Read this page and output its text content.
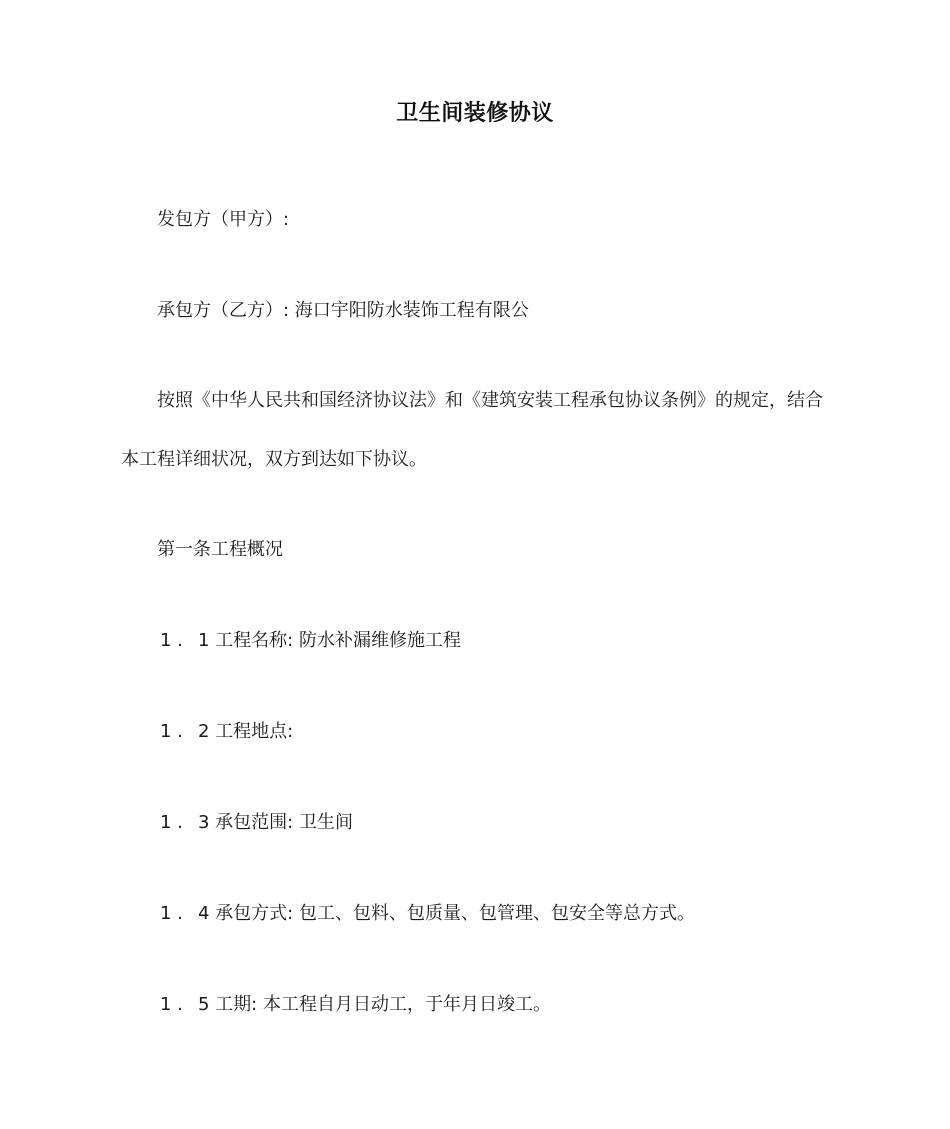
卫生间装修协议
发包方（甲方）:
承包方（乙方）: 海口宇阳防水装饰工程有限公
按照《中华人民共和国经济协议法》和《建筑安装工程承包协议条例》的规定，结合
本工程详细状况，双方到达如下协议。
第一条工程概况
1 . 1 工程名称: 防水补漏维修施工程
1 . 2 工程地点:
1 . 3 承包范围: 卫生间
1 . 4 承包方式: 包工、包料、包质量、包管理、包安全等总方式。
1 . 5 工期: 本工程自月日动工，于年月日竣工。
